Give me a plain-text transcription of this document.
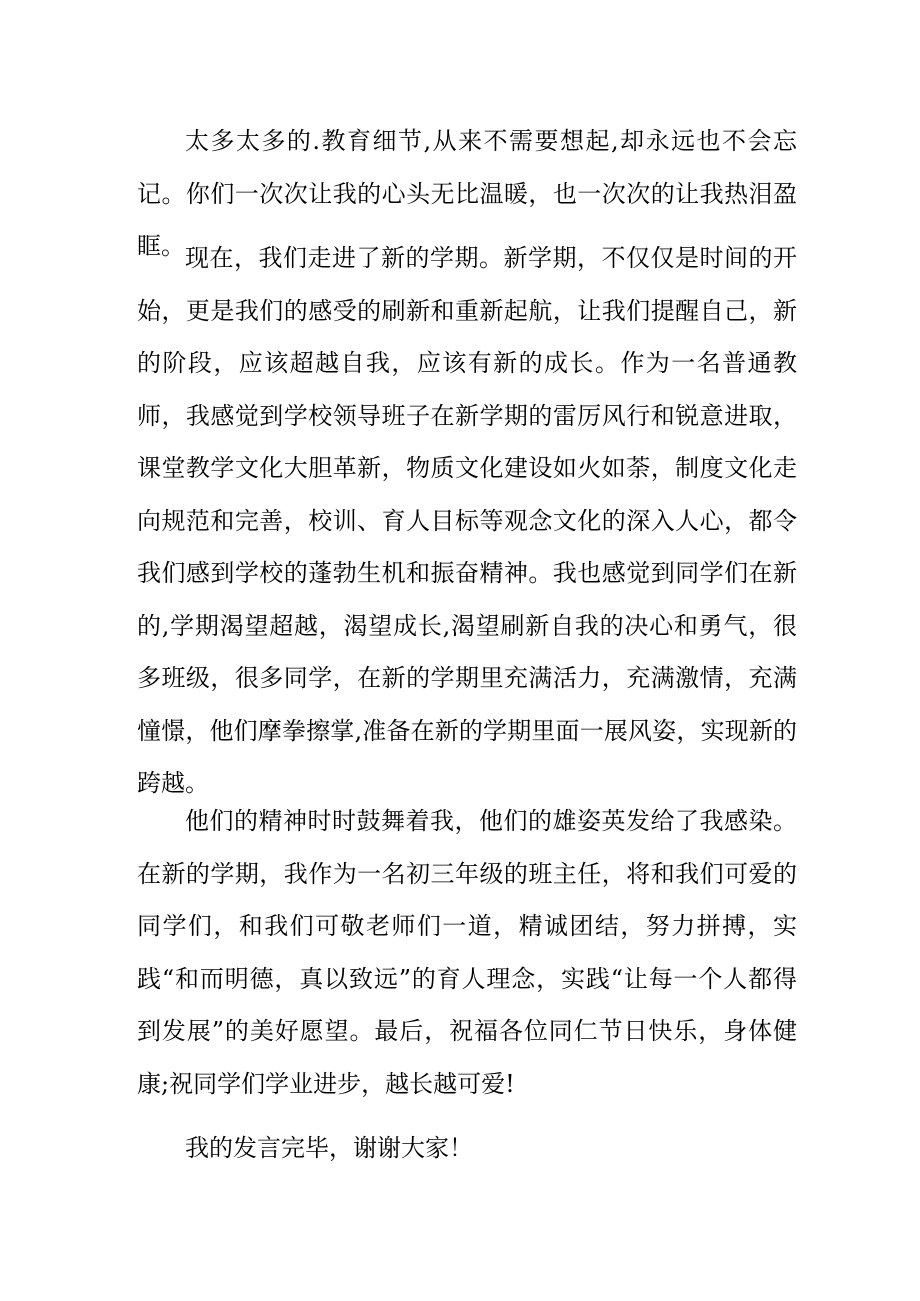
太多太多的.教育细节,从来不需要想起,却永远也不会忘记。你们一次次让我的心头无比温暖，也一次次的让我热泪盈眶。 现在，我们走进了新的学期。新学期，不仅仅是时间的开始，更是我们的感受的刷新和重新起航，让我们提醒自己，新的阶段，应该超越自我，应该有新的成长。作为一名普通教师，我感觉到学校领导班子在新学期的雷厉风行和锐意进取，课堂教学文化大胆革新，物质文化建设如火如荼，制度文化走向规范和完善，校训、育人目标等观念文化的深入人心，都令我们感到学校的蓬勃生机和振奋精神。我也感觉到同学们在新的,学期渴望超越，渴望成长,渴望刷新自我的决心和勇气，很多班级，很多同学，在新的学期里充满活力，充满激情，充满憧憬，他们摩拳擦掌,准备在新的学期里面一展风姿，实现新的跨越。

他们的精神时时鼓舞着我，他们的雄姿英发给了我感染。在新的学期，我作为一名初三年级的班主任，将和我们可爱的同学们，和我们可敬老师们一道，精诚团结，努力拼搏，实践“和而明德，真以致远”的育人理念，实践“让每一个人都得到发展”的美好愿望。最后，祝福各位同仁节日快乐，身体健康;祝同学们学业进步，越长越可爱!

我的发言完毕，谢谢大家！
